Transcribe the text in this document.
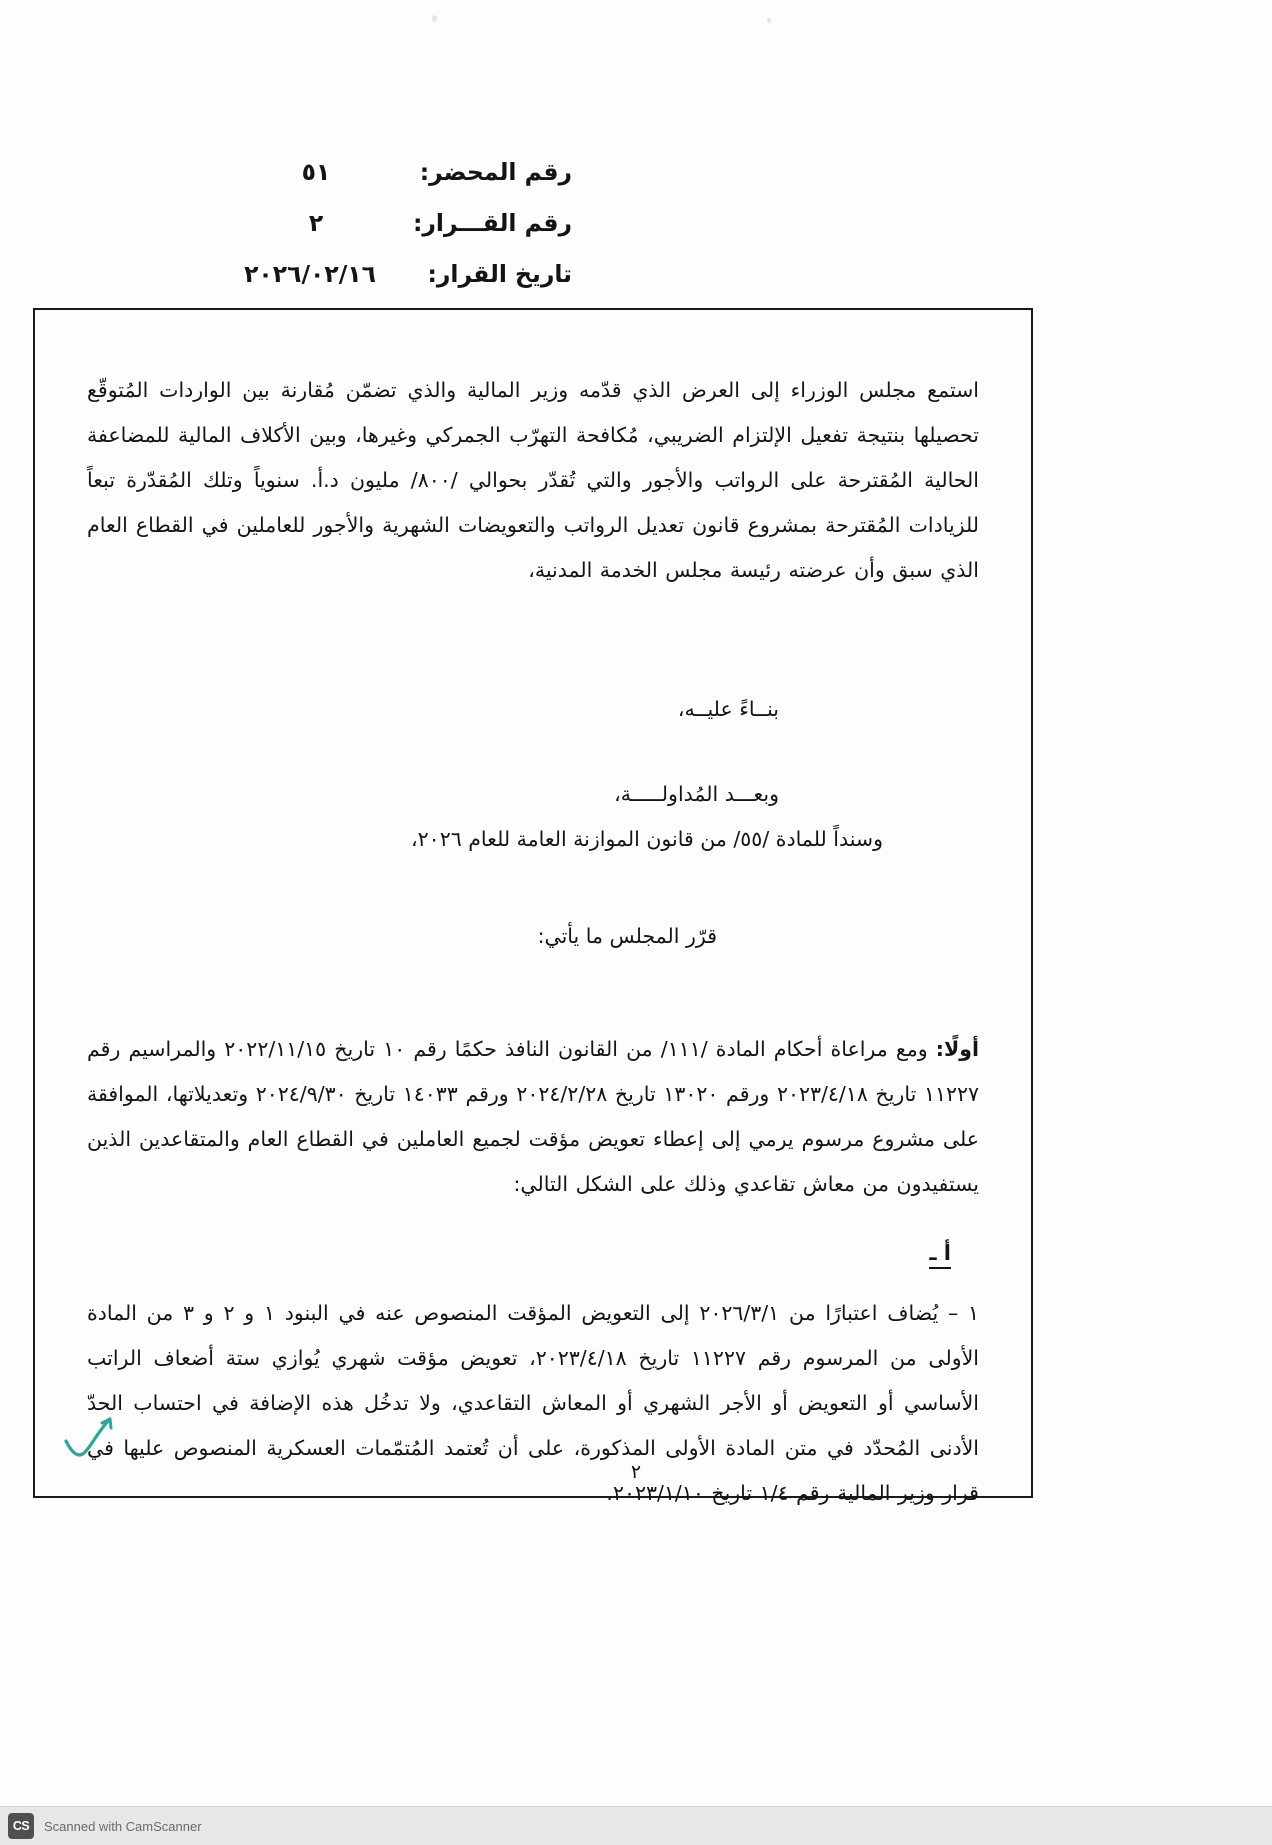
رقم المحضر:
٥١
رقم القـــرار:
٢
تاريخ القرار:
٢٠٢٦/٠٢/١٦

استمع مجلس الوزراء إلى العرض الذي قدّمه وزير المالية والذي تضمّن مُقارنة بين الواردات المُتوقّع تحصيلها بنتيجة تفعيل الإلتزام الضريبي، مُكافحة التهرّب الجمركي وغيرها، وبين الأكلاف المالية للمضاعفة الحالية المُقترحة على الرواتب والأجور والتي تُقدّر بحوالي /٨٠٠/ مليون د.أ. سنوياً وتلك المُقدّرة تبعاً للزيادات المُقترحة بمشروع قانون تعديل الرواتب والتعويضات الشهرية والأجور للعاملين في القطاع العام الذي سبق وأن عرضته رئيسة مجلس الخدمة المدنية،

بنــاءً عليــه،
وبعـــد المُداولـــــة،
وسنداً للمادة /٥٥/ من قانون الموازنة العامة للعام ٢٠٢٦،
قرّر المجلس ما يأتي:

أولًا: ومع مراعاة أحكام المادة /١١١/ من القانون النافذ حكمًا رقم ١٠ تاريخ ٢٠٢٢/١١/١٥ والمراسيم رقم ١١٢٢٧ تاريخ ٢٠٢٣/٤/١٨ ورقم ١٣٠٢٠ تاريخ ٢٠٢٤/٢/٢٨ ورقم ١٤٠٣٣ تاريخ ٢٠٢٤/٩/٣٠ وتعديلاتها، الموافقة على مشروع مرسوم يرمي إلى إعطاء تعويض مؤقت لجميع العاملين في القطاع العام والمتقاعدين الذين يستفيدون من معاش تقاعدي وذلك على الشكل التالي:

أ ـ

١ – يُضاف اعتبارًا من ٢٠٢٦/٣/١ إلى التعويض المؤقت المنصوص عنه في البنود ١ و ٢ و ٣ من المادة الأولى من المرسوم رقم ١١٢٢٧ تاريخ ٢٠٢٣/٤/١٨، تعويض مؤقت شهري يُوازي ستة أضعاف الراتب الأساسي أو التعويض أو الأجر الشهري أو المعاش التقاعدي، ولا تدخُل هذه الإضافة في احتساب الحدّ الأدنى المُحدّد في متن المادة الأولى المذكورة، على أن تُعتمد المُتمّمات العسكرية المنصوص عليها في قرار وزير المالية رقم ١/٤ تاريخ ٢٠٢٣/١/١٠.

٢
CS	Scanned with CamScanner
